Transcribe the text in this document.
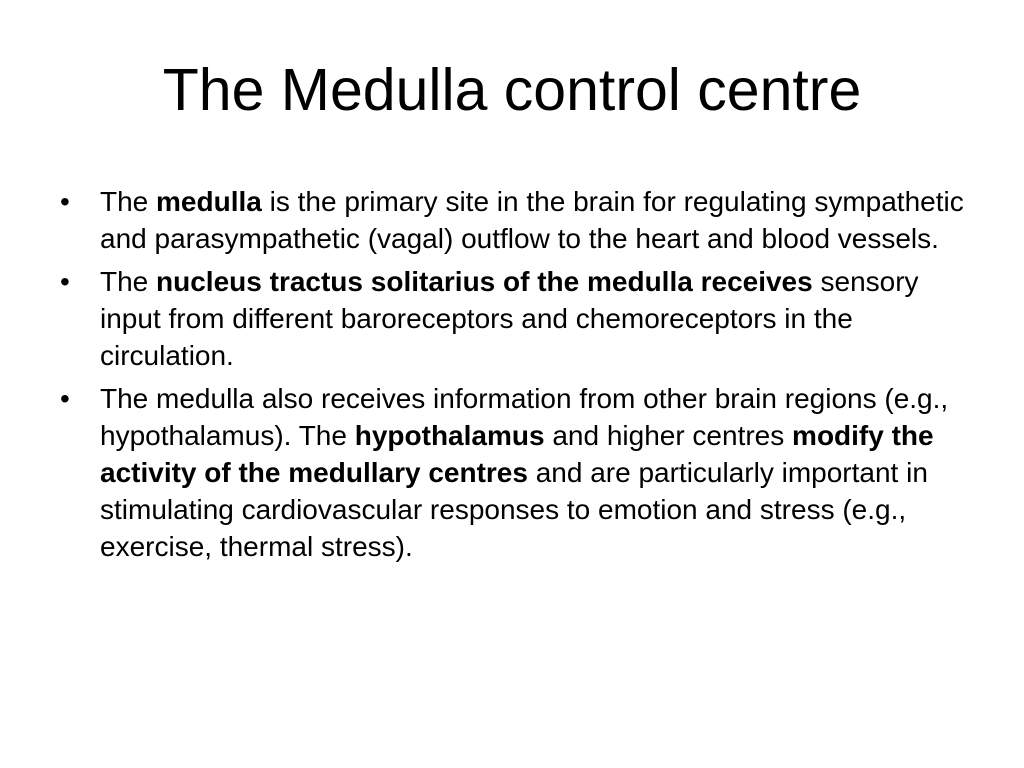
The Medulla control centre
• The medulla is the primary site in the brain for regulating sympathetic and parasympathetic (vagal) outflow to the heart and blood vessels.
• The nucleus tractus solitarius of the medulla receives sensory input from different baroreceptors and chemoreceptors in the circulation.
• The medulla also receives information from other brain regions (e.g., hypothalamus). The hypothalamus and higher centres modify the activity of the medullary centres and are particularly important in stimulating cardiovascular responses to emotion and stress (e.g., exercise, thermal stress).
